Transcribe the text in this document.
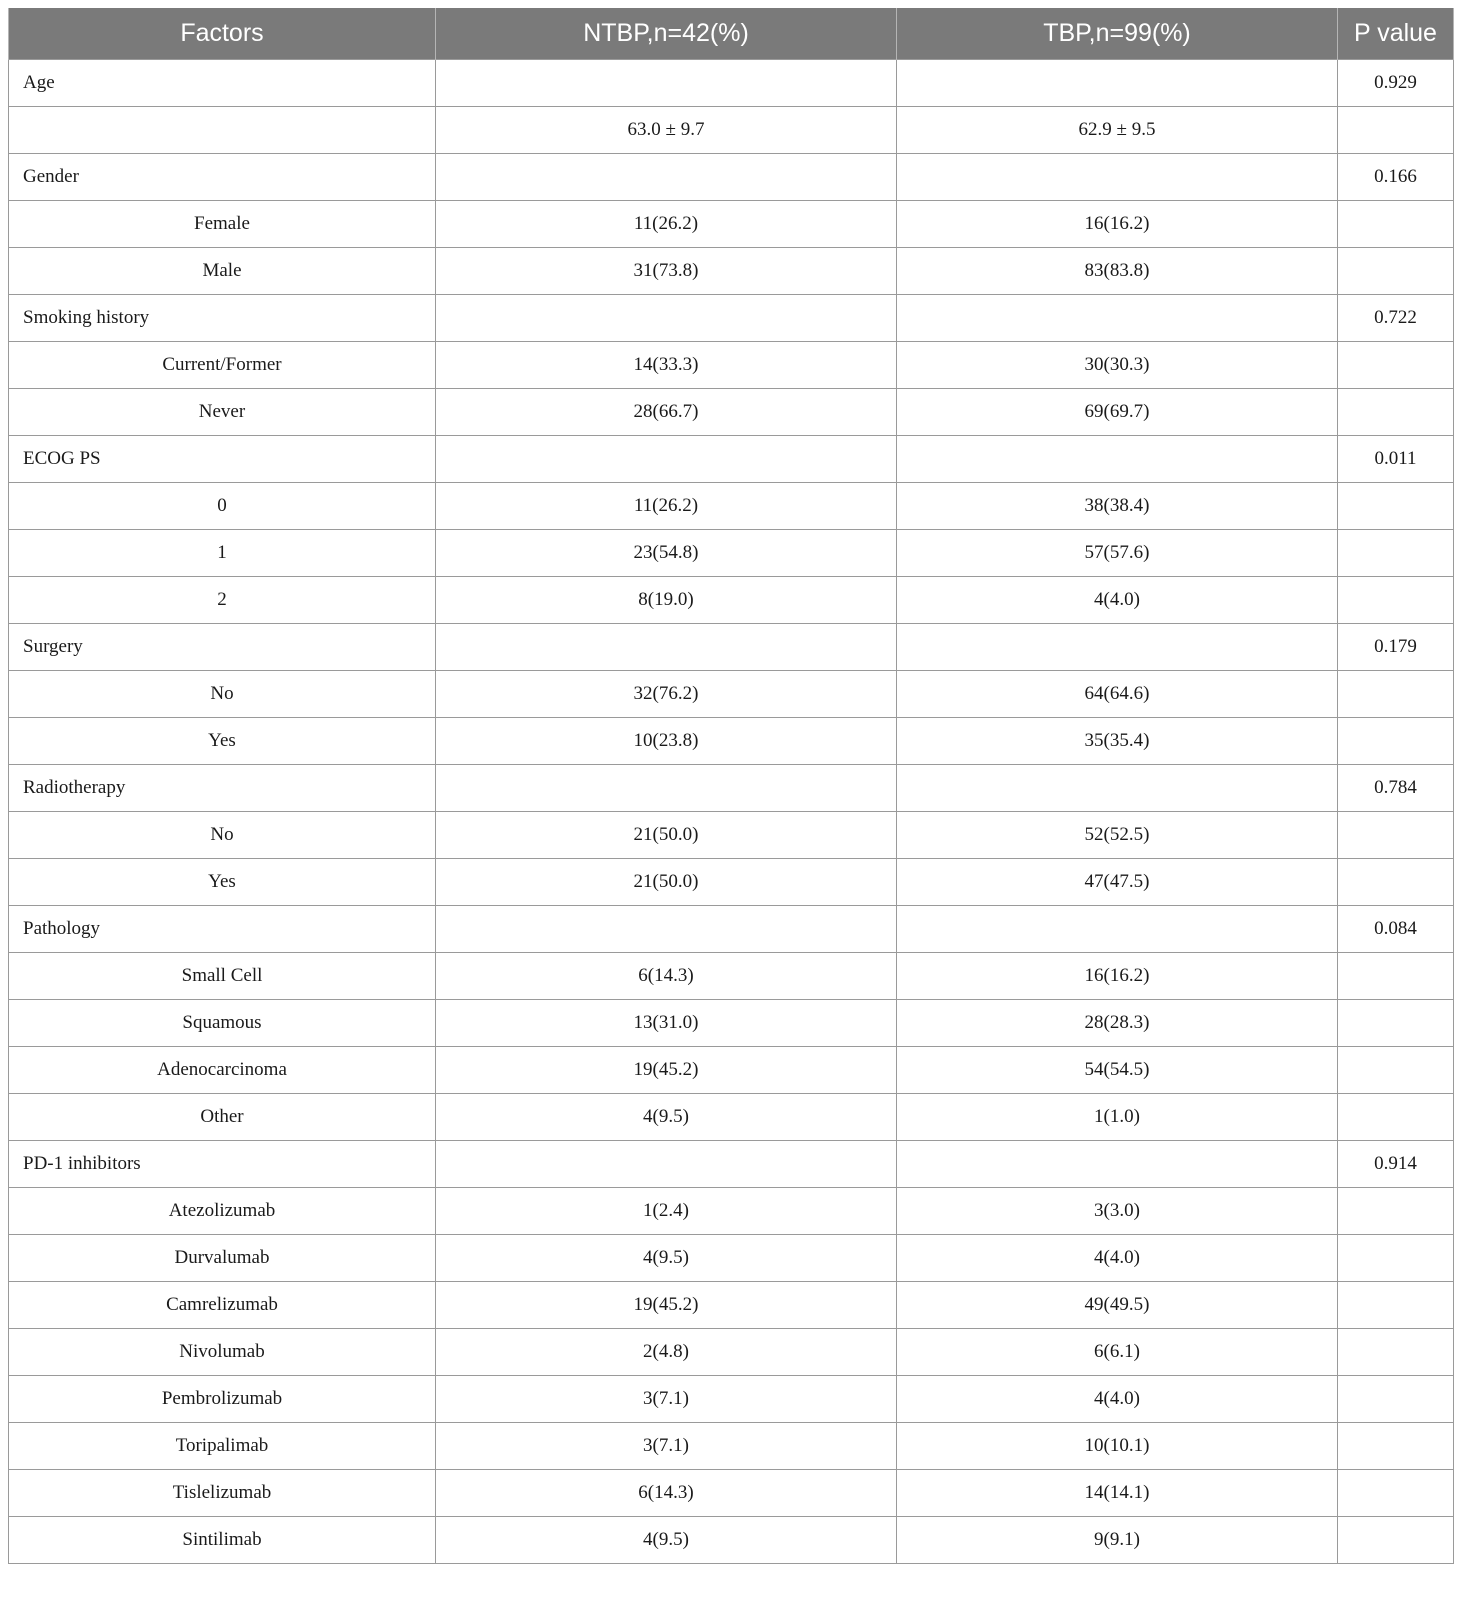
Factors	NTBP,n=42(%)	TBP,n=99(%)	P value
Age			0.929
	63.0 ± 9.7	62.9 ± 9.5	
Gender			0.166
Female	11(26.2)	16(16.2)	
Male	31(73.8)	83(83.8)	
Smoking history			0.722
Current/Former	14(33.3)	30(30.3)	
Never	28(66.7)	69(69.7)	
ECOG PS			0.011
0	11(26.2)	38(38.4)	
1	23(54.8)	57(57.6)	
2	8(19.0)	4(4.0)	
Surgery			0.179
No	32(76.2)	64(64.6)	
Yes	10(23.8)	35(35.4)	
Radiotherapy			0.784
No	21(50.0)	52(52.5)	
Yes	21(50.0)	47(47.5)	
Pathology			0.084
Small Cell	6(14.3)	16(16.2)	
Squamous	13(31.0)	28(28.3)	
Adenocarcinoma	19(45.2)	54(54.5)	
Other	4(9.5)	1(1.0)	
PD-1 inhibitors			0.914
Atezolizumab	1(2.4)	3(3.0)	
Durvalumab	4(9.5)	4(4.0)	
Camrelizumab	19(45.2)	49(49.5)	
Nivolumab	2(4.8)	6(6.1)	
Pembrolizumab	3(7.1)	4(4.0)	
Toripalimab	3(7.1)	10(10.1)	
Tislelizumab	6(14.3)	14(14.1)	
Sintilimab	4(9.5)	9(9.1)	
